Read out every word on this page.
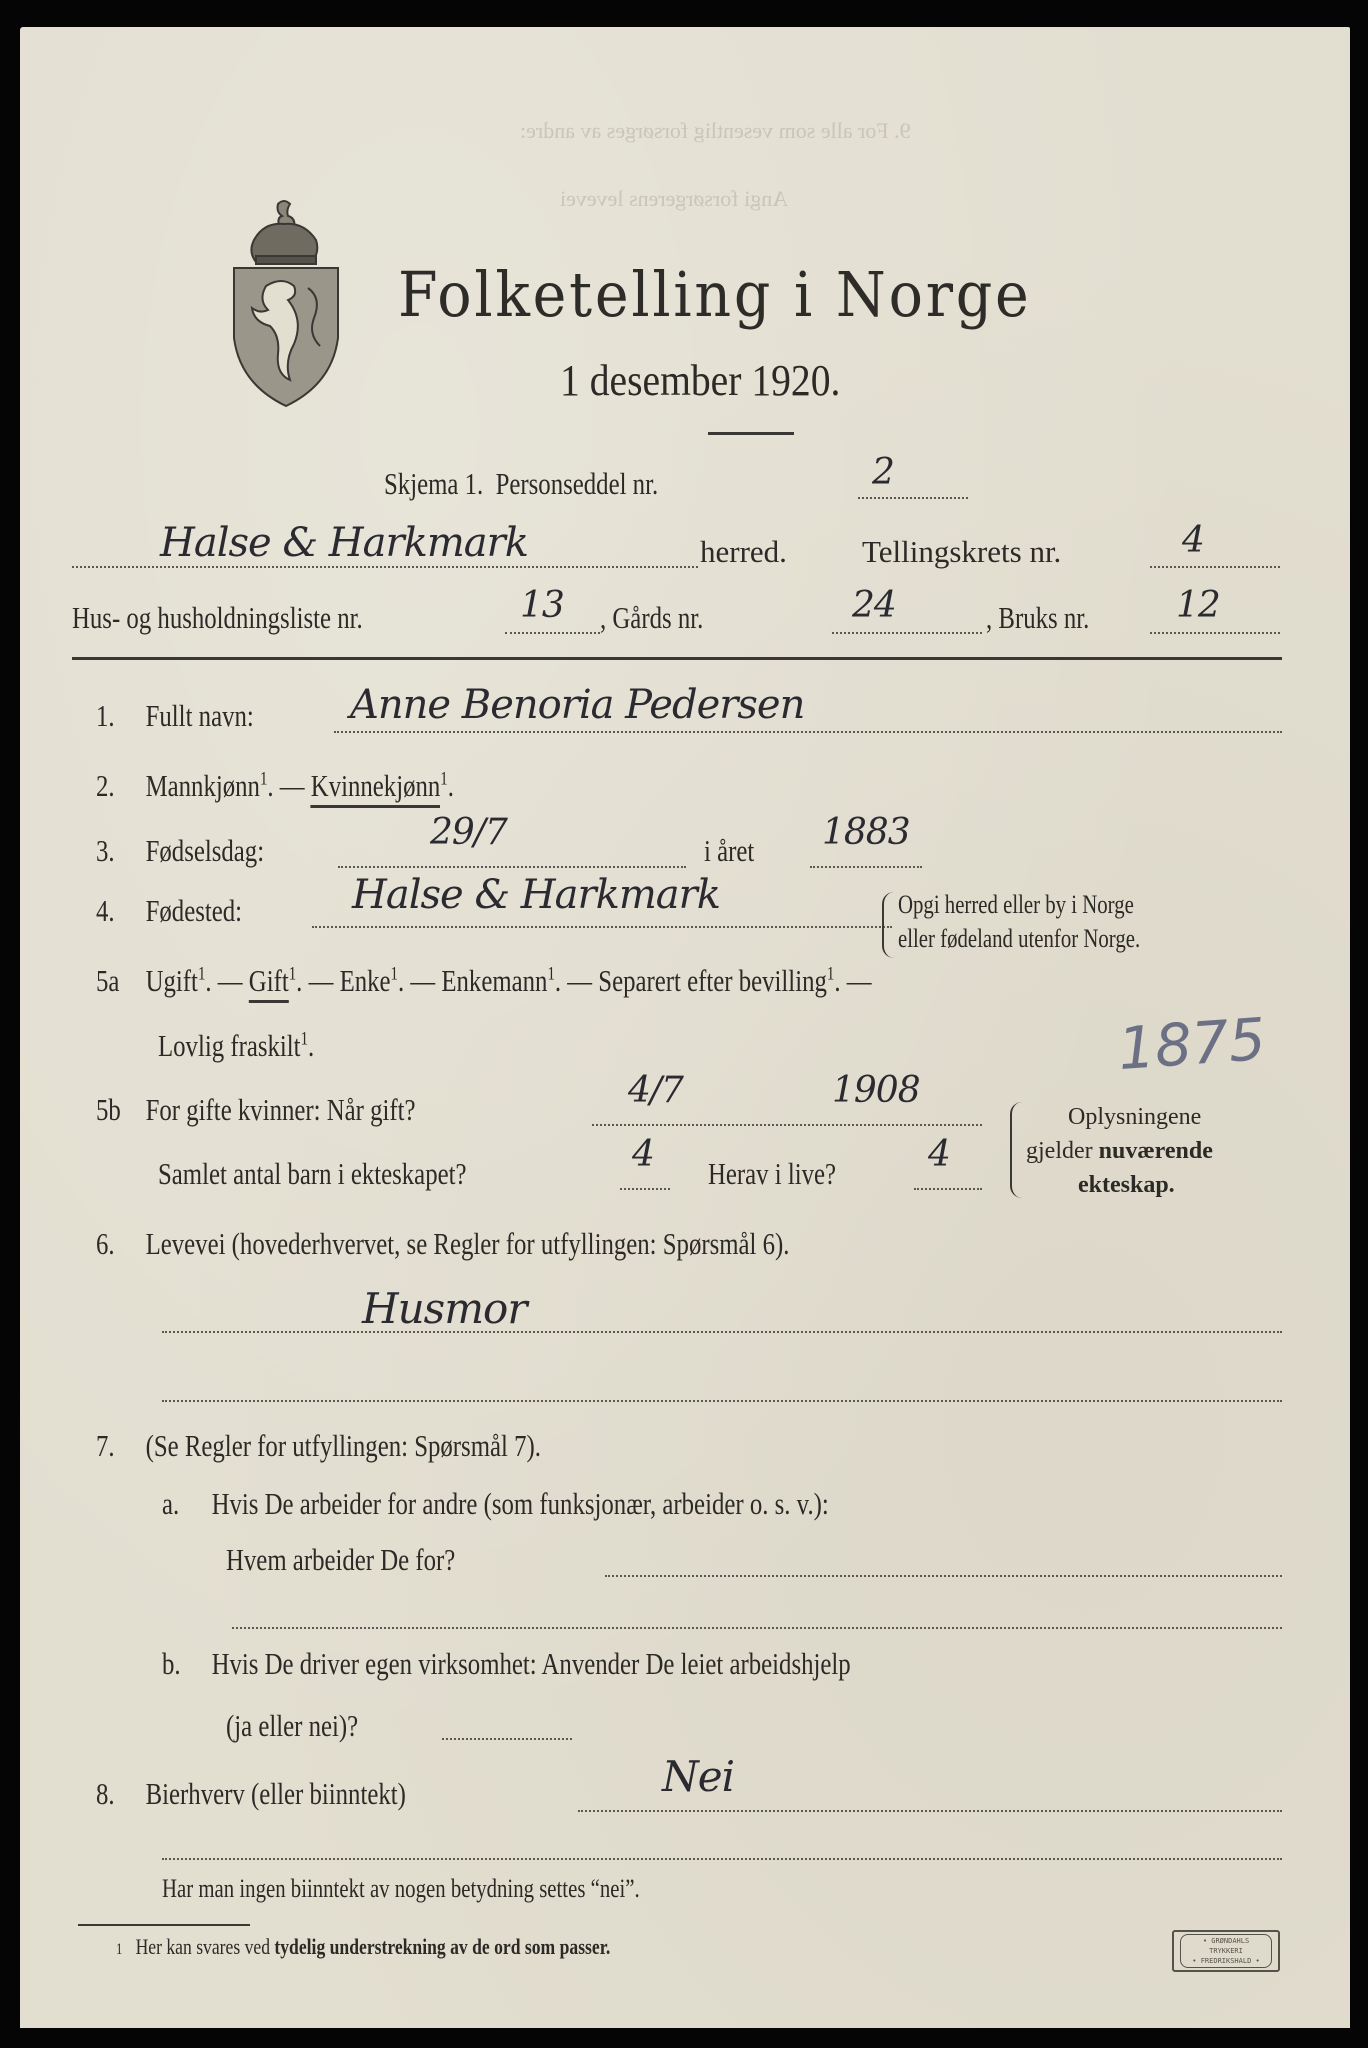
9. For alle som vesentlig forsørges av andre:
Angi forsørgerens levevei
Folketelling i Norge
1 desember 1920.
Skjema 1. Personseddel nr.	2
Halse & Harkmark	herred. Tellingskrets nr.	4
Hus- og husholdningsliste nr.	13 , Gårds nr.	24	, Bruks nr.	12
1. Fullt navn:	Anne Benoria Pedersen
2. Mannkjønn$^1$. — Kvinnekjønn$^1$.
3. Fødselsdag:	29/7	i året	1883
4. Fødested:	Halse & Harkmark	Opgi herred eller by i Norge
eller fødeland utenfor Norge.
5a Ugift$^1$. — Gift$^1$. — Enke$^1$. — Enkemann$^1$. — Separert efter bevilling$^1$. —
Lovlig fraskilt$^1$.	1875
5b For gifte kvinner: Når gift?	4/7	1908
Samlet antal barn i ekteskapet?	4 Herav i live?	4
Oplysningene
gjelder nuværende
ekteskap.
6. Levevei (hovederhvervet, se Regler for utfyllingen: Spørsmål 6).
Husmor
7. (Se Regler for utfyllingen: Spørsmål 7).
a. Hvis De arbeider for andre (som funksjonær, arbeider o. s. v.):
Hvem arbeider De for?
b. Hvis De driver egen virksomhet: Anvender De leiet arbeidshjelp
(ja eller nei)?
8. Bierhverv (eller biinntekt)	Nei
Har man ingen biinntekt av nogen betydning settes “nei”.
1 Her kan svares ved tydelig understrekning av de ord som passer.	• GRØNDAHLS TRYKKERI
• FREDRIKSHALD •
